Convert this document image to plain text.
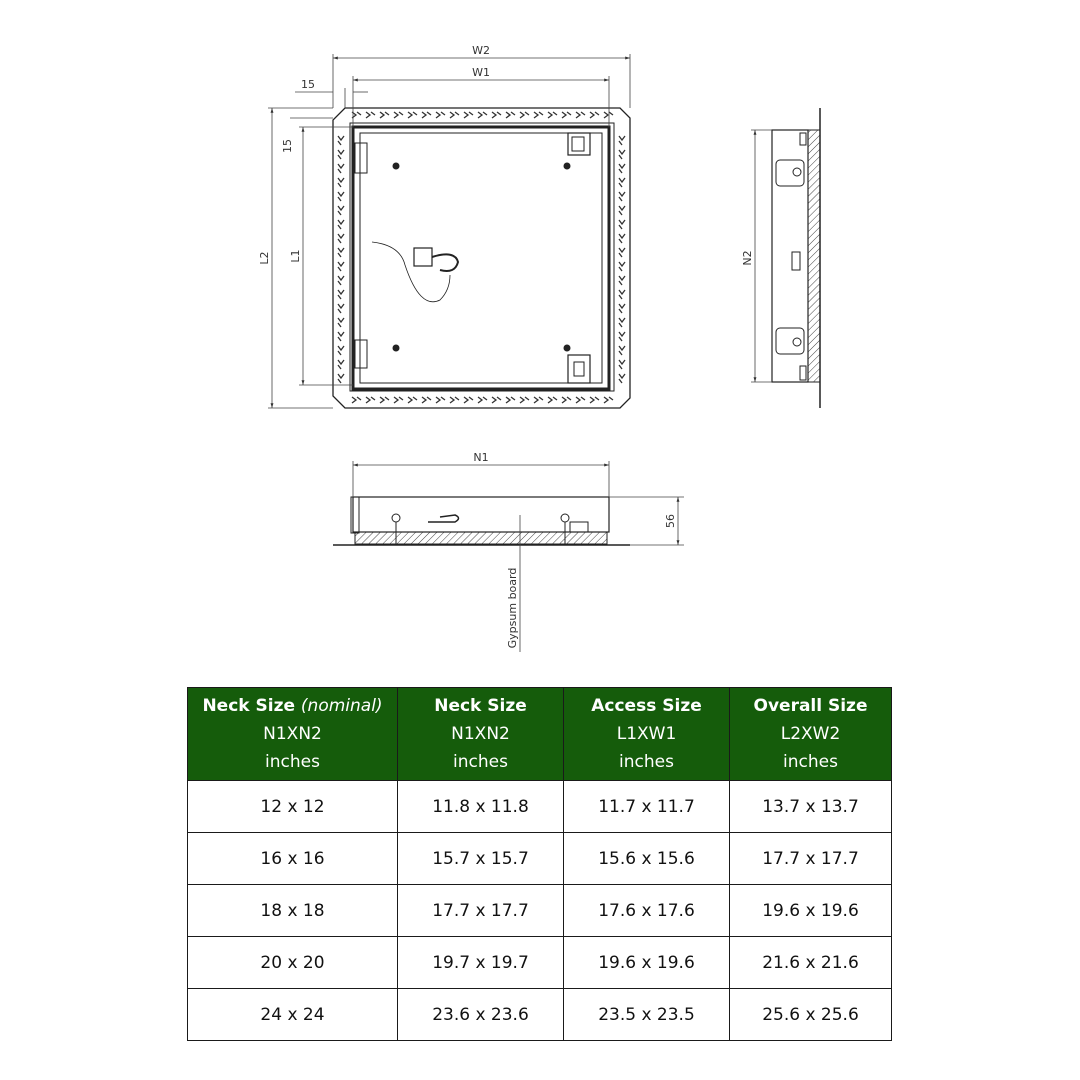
W2
W1
15
15
L2 L1	N2
N1
56
Gypsum board
Neck Size (nominal)
N1XN2
inches	Neck Size
N1XN2
inches	Access Size
L1XW1
inches	Overall Size
L2XW2
inches

12 x 12	11.8 x 11.8	11.7 x 11.7	13.7 x 13.7
16 x 16	15.7 x 15.7	15.6 x 15.6	17.7 x 17.7
18 x 18	17.7 x 17.7	17.6 x 17.6	19.6 x 19.6
20 x 20	19.7 x 19.7	19.6 x 19.6	21.6 x 21.6
24 x 24	23.6 x 23.6	23.5 x 23.5	25.6 x 25.6
